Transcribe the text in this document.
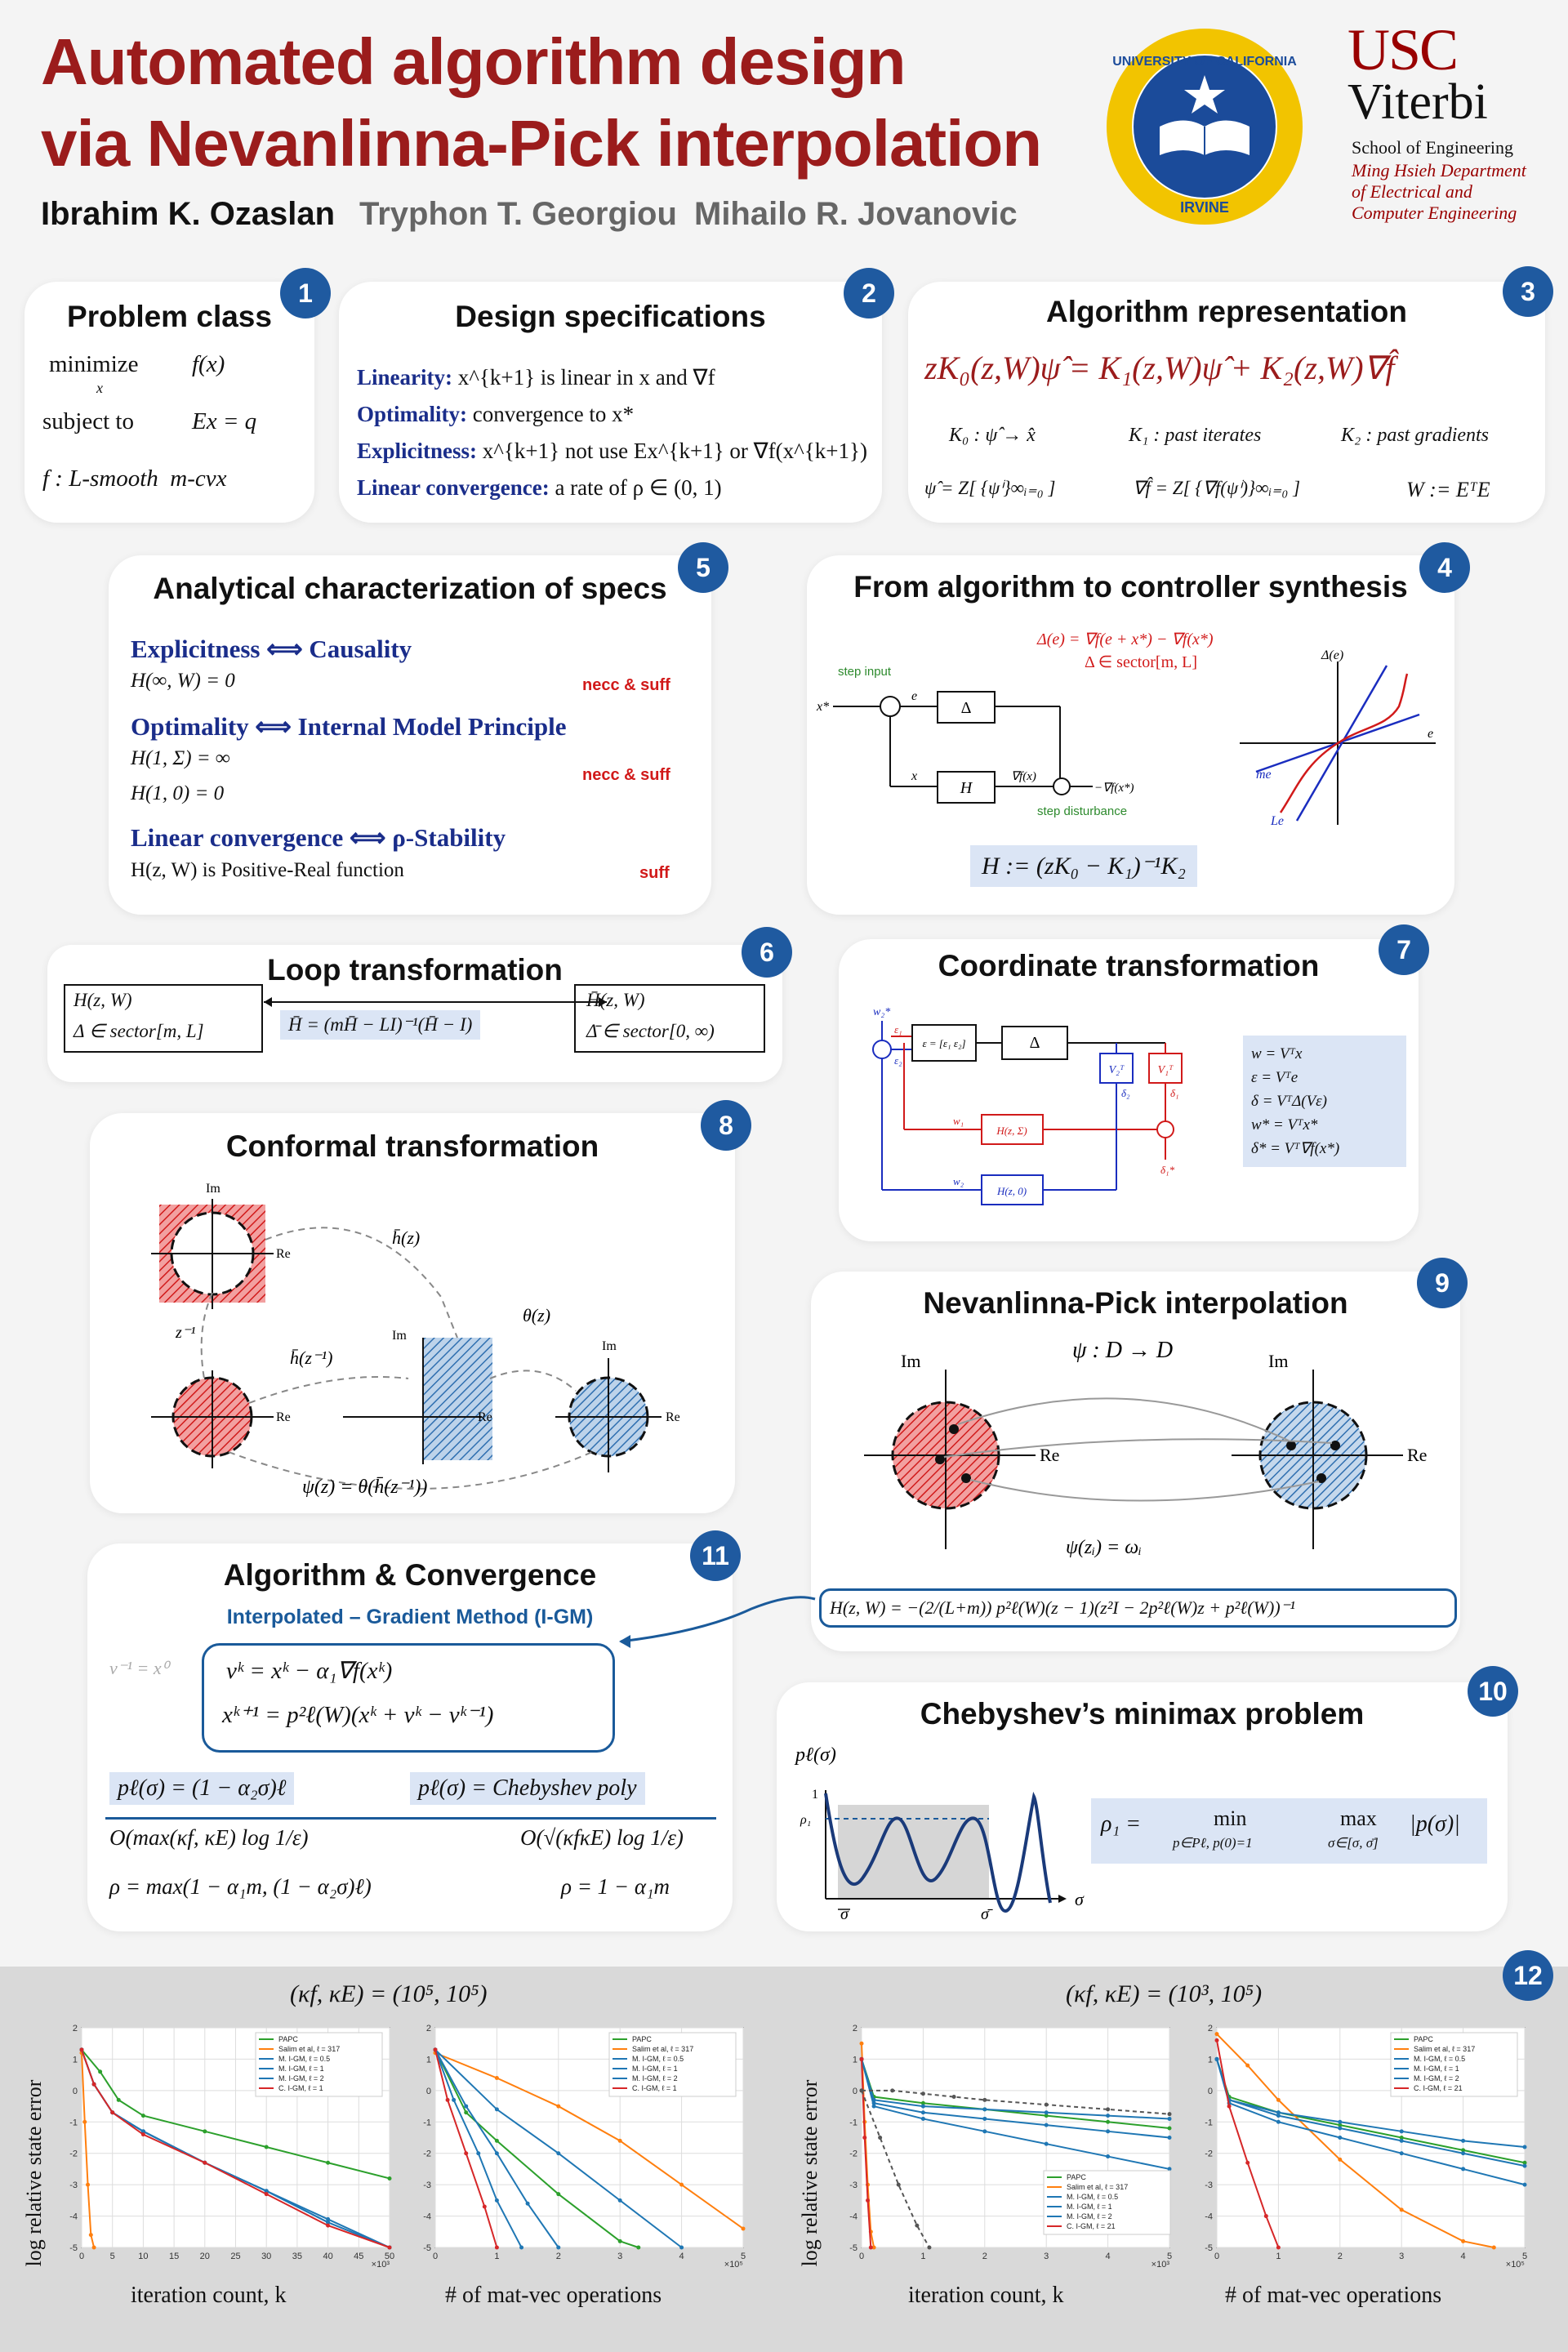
Automated algorithm design
via Nevanlinna-Pick interpolation
Ibrahim K. Ozaslan Tryphon T. Georgiou Mihailo R. Jovanovic
UNIVERSITY OF CALIFORNIA
IRVINE
USC
Viterbi
School of Engineering
Ming Hsieh Department
of Electrical and
Computer Engineering
Problem class
minimize
x
f(x)
subject to Ex = q
f : L-smooth  m-cvx
1
Design specifications
Linearity: x^{k+1} is linear in x and ∇f
Optimality: convergence to x*
Explicitness: x^{k+1} not use Ex^{k+1} or ∇f(x^{k+1})
Linear convergence: a rate of ρ ∈ (0, 1)
2
Algorithm representation
zK₀(z,W)ψ̂ = K₁(z,W)ψ̂ + K₂(z,W)∇f̂
K₀ : ψ̂ → x̂	K₁ : past iterates	K₂ : past gradients
ψ̂ = Z[ {ψⁱ}∞ᵢ₌₀ ]	∇f̂ = Z[ {∇f(ψⁱ)}∞ᵢ₌₀ ]	W := EᵀE
3
Analytical characterization of specs
Explicitness ⟺ Causality
H(∞, W) = 0	necc & suff
Optimality ⟺ Internal Model Principle
H(1, Σ) = ∞
H(1, 0) = 0
necc & suff
Linear convergence ⟺ ρ-Stability
H(z, W) is Positive-Real function	suff
5
From algorithm to controller synthesis
Δ(e) = ∇f(e + x*) − ∇f(x*)
Δ ∈ sector[m, L]
step input
x*
e
Δ
−∇f(x*)
∇f(x)
H
x
step disturbance
Δ(e)
e
me
Le
H := (zK₀ − K₁)⁻¹K₂
4
Loop transformation
H(z, W)
Δ ∈ sector[m, L]	H̄ = (mH̄ − LI)⁻¹(H̄ − I)
H̄(z, W)
Δ̄ ∈ sector[0, ∞)
6	Coordinate transformation
w₂*
ε₁
ε₂
ε = [ε₁ ε₂]	Δ
V₂ᵀ	V₁ᵀ
δ₂	δ₁
δ₁*
H(z, Σ)
w₁
H(z, 0)
w₂
w = Vᵀx
ε = Vᵀe
δ = VᵀΔ(Vε)
w* = Vᵀx*
δ* = Vᵀ∇f(x*)
7
Conformal transformation
Im
Re
Re
z⁻¹	Im
Re
Im
Re
h̄(z)
h̄(z⁻¹)
θ(z)
ψ(z) = θ(h̄(z⁻¹))
8
Nevanlinna-Pick interpolation
ψ : D → D
Im
Re
Im
Re
ψ(zᵢ) = ωᵢ
H(z, W) = −(2/(L+m)) p²ℓ(W)(z − 1)(z²I − 2p²ℓ(W)z + p²ℓ(W))⁻¹
9
Algorithm & Convergence
Interpolated – Gradient Method (I-GM)
v⁻¹ = x⁰ vᵏ = xᵏ − α₁∇f(xᵏ)
xᵏ⁺¹ = p²ℓ(W)(xᵏ + vᵏ − vᵏ⁻¹)
pℓ(σ) = (1 − α₂σ)ℓ	pℓ(σ) = Chebyshev poly
O(max(κf, κE) log 1/ε)	O(√(κfκE) log 1/ε)
ρ = max(1 − α₁m, (1 − α₂σ)ℓ)	ρ = 1 − α₁m
11
Chebyshev’s minimax problem
pℓ(σ)
1
ρ₁
σ	σ̄
σ
ρ₁ =	min
p∈Pℓ, p(0)=1
max
σ∈[σ, σ̄]
|p(σ)|
10
12
(κf, κE) = (10⁵, 10⁵)	(κf, κE) = (10³, 10⁵)
log relative state error	log relative state error
iteration count, k	# of mat-vec operations	iteration count, k	# of mat-vec operations
0	5	10 15 20 25 30 35 40 45 50
×10³
2
1
0
-1
-2
-3
-4
-5
PAPC
Salim et al, ℓ = 317
M. I-GM, ℓ = 0.5
M. I-GM, ℓ = 1
M. I-GM, ℓ = 2
C. I-GM, ℓ = 1
0	1	2	3	4	5
×10⁵
2
1
0
-1
-2
-3
-4
-5
PAPC
Salim et al, ℓ = 317
M. I-GM, ℓ = 0.5
M. I-GM, ℓ = 1
M. I-GM, ℓ = 2
C. I-GM, ℓ = 1
0	1	2	3	4	5
×10³
2
1
0
-1
-2
-3
-4
-5
PAPC
Salim et al, ℓ = 317
M. I-GM, ℓ = 0.5
M. I-GM, ℓ = 1
M. I-GM, ℓ = 2
C. I-GM, ℓ = 21
0	1	2	3	4	5
×10⁵
2
1
0
-1
-2
-3
-4
-5
PAPC
Salim et al, ℓ = 317
M. I-GM, ℓ = 0.5
M. I-GM, ℓ = 1
M. I-GM, ℓ = 2
C. I-GM, ℓ = 21
